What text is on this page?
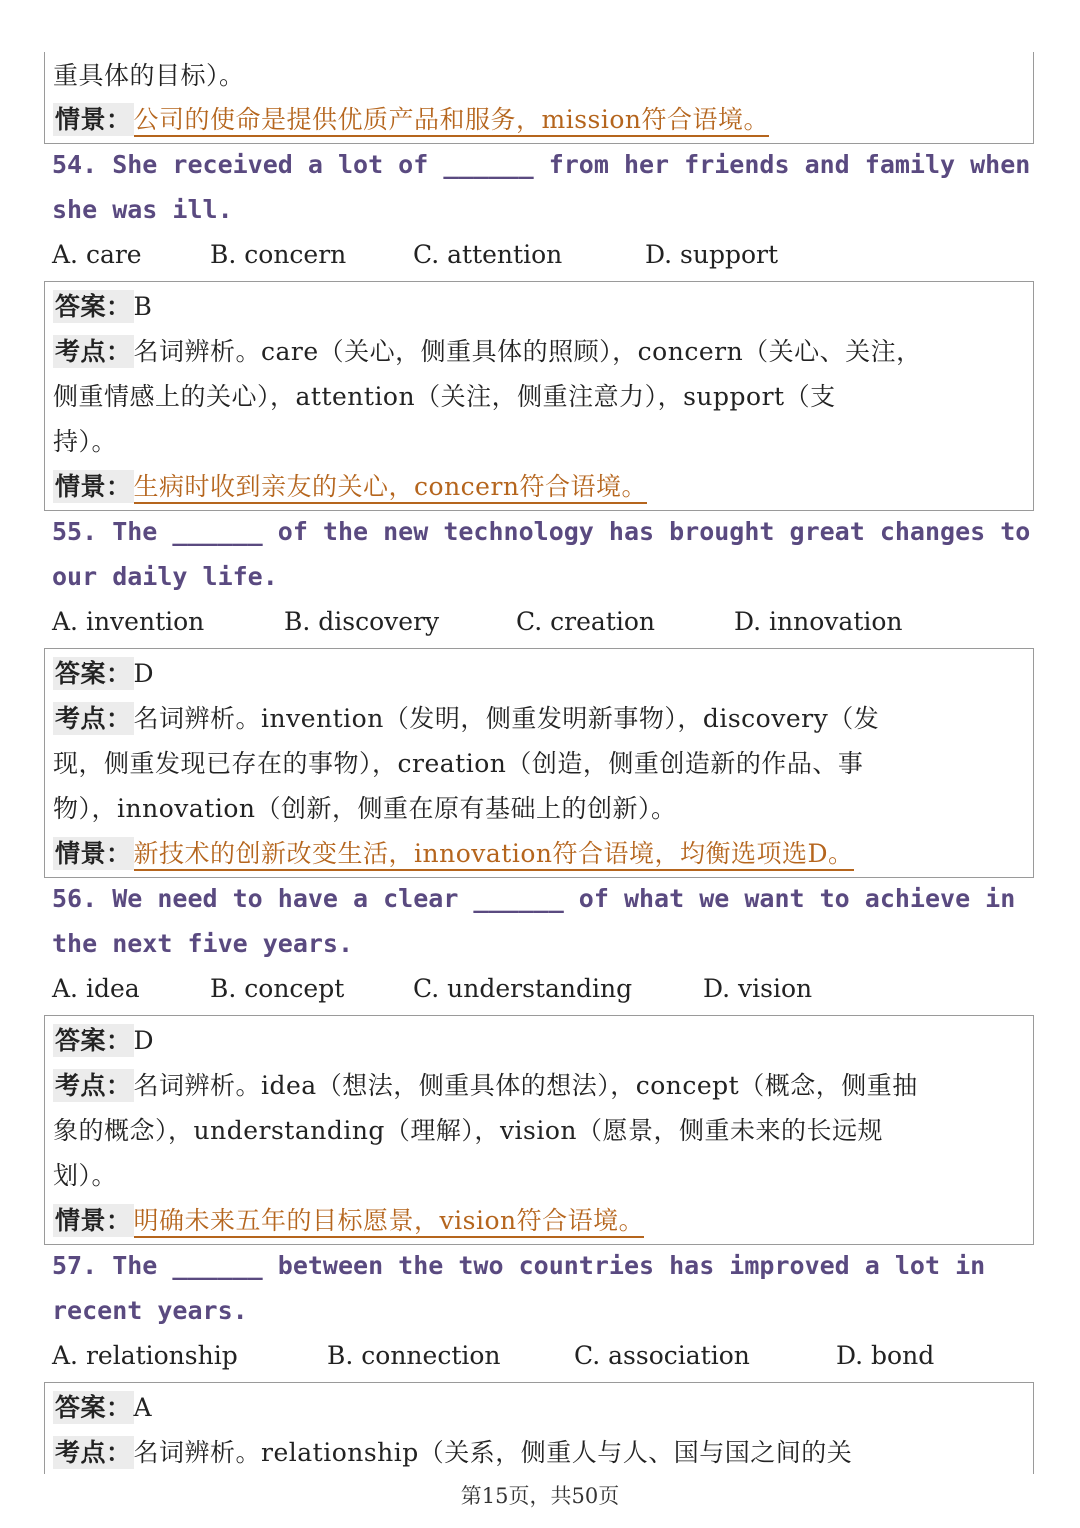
重具体的目标）。
情景：公司的使命是提供优质产品和服务，mission符合语境。
54. She received a lot of ______ from her friends and family when
she was ill.
A. care	B. concern	C. attention	D. support
答案：B
考点：名词辨析。care（关心，侧重具体的照顾），concern（关心、关注，
侧重情感上的关心），attention（关注，侧重注意力），support（支
持）。
情景：生病时收到亲友的关心，concern符合语境。
55. The ______ of the new technology has brought great changes to
our daily life.
A. invention	B. discovery	C. creation	D. innovation
答案：D
考点：名词辨析。invention（发明，侧重发明新事物），discovery（发
现，侧重发现已存在的事物），creation（创造，侧重创造新的作品、事
物），innovation（创新，侧重在原有基础上的创新）。
情景：新技术的创新改变生活，innovation符合语境，均衡选项选D。
56. We need to have a clear ______ of what we want to achieve in
the next five years.
A. idea	B. concept	C. understanding	D. vision
答案：D
考点：名词辨析。idea（想法，侧重具体的想法），concept（概念，侧重抽
象的概念），understanding（理解），vision（愿景，侧重未来的长远规
划）。
情景：明确未来五年的目标愿景，vision符合语境。
57. The ______ between the two countries has improved a lot in
recent years.
A. relationship	B. connection	C. association	D. bond
答案：A
考点：名词辨析。relationship（关系，侧重人与人、国与国之间的关
第15页，共50页
